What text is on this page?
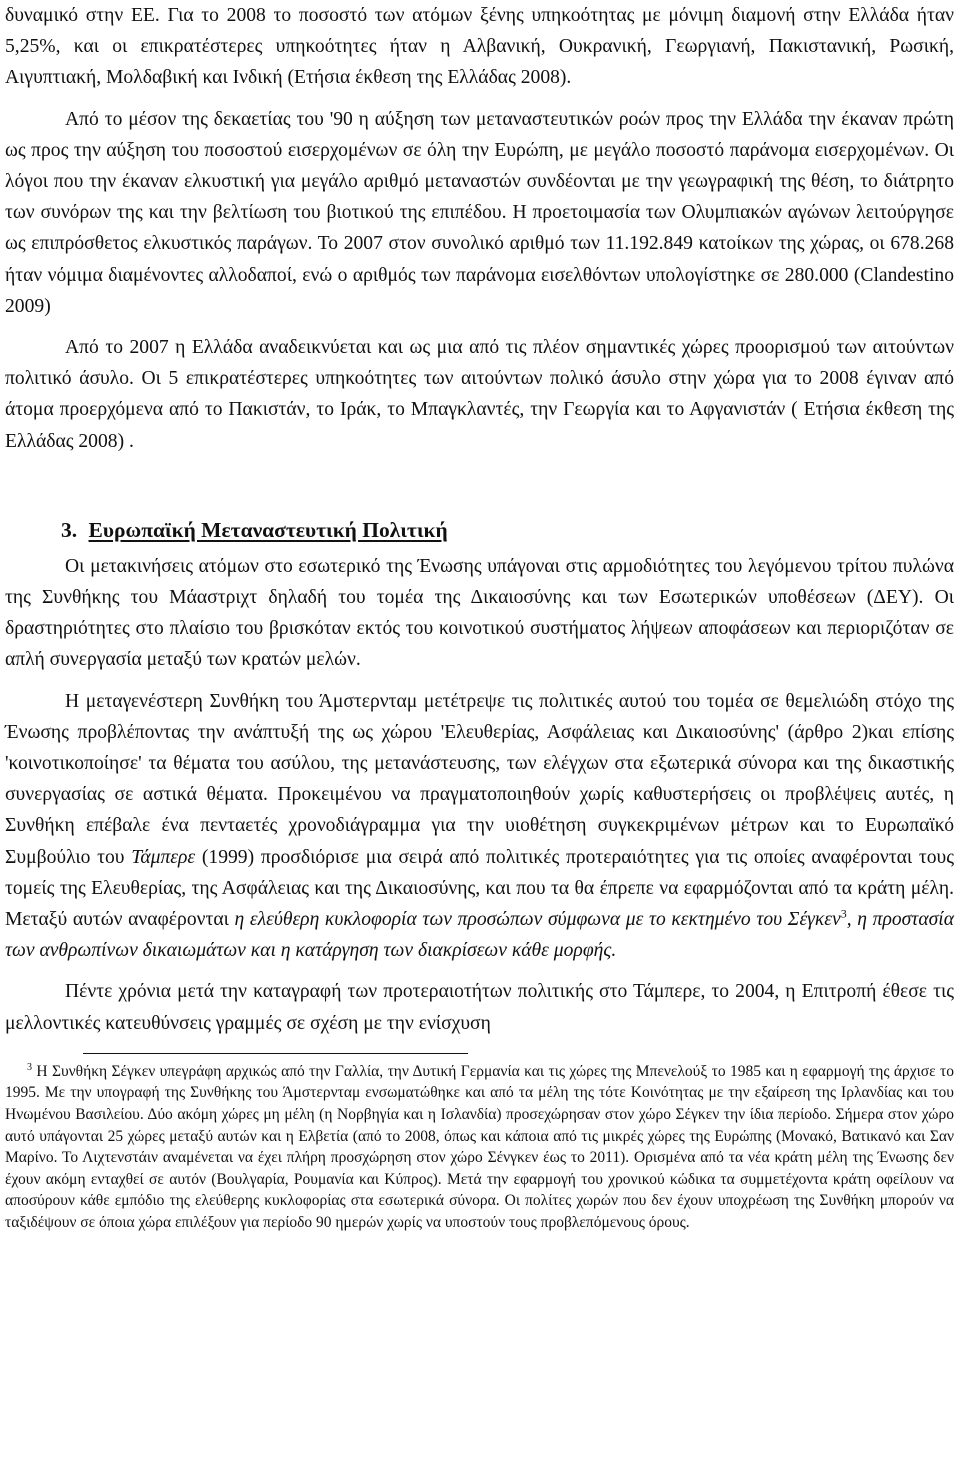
δυναμικό στην ΕΕ. Για το 2008 το ποσοστό των ατόμων ξένης υπηκοότητας με μόνιμη διαμονή στην Ελλάδα ήταν 5,25%, και οι επικρατέστερες υπηκοότητες ήταν η Αλβανική, Ουκρανική, Γεωργιανή, Πακιστανική, Ρωσική, Αιγυπτιακή, Μολδαβική και Ινδική (Ετήσια έκθεση της Ελλάδας 2008).

Από το μέσον της δεκαετίας του '90 η αύξηση των μεταναστευτικών ροών προς την Ελλάδα την έκαναν πρώτη ως προς την αύξηση του ποσοστού εισερχομένων σε όλη την Ευρώπη, με μεγάλο ποσοστό παράνομα εισερχομένων. Οι λόγοι που την έκαναν ελκυστική για μεγάλο αριθμό μεταναστών συνδέονται με την γεωγραφική της θέση, το διάτρητο των συνόρων της και την βελτίωση του βιοτικού της επιπέδου. Η προετοιμασία των Ολυμπιακών αγώνων λειτούργησε ως επιπρόσθετος ελκυστικός παράγων. Το 2007 στον συνολικό αριθμό των 11.192.849 κατοίκων της χώρας, οι 678.268 ήταν νόμιμα διαμένοντες αλλοδαποί, ενώ ο αριθμός των παράνομα εισελθόντων υπολογίστηκε σε 280.000 (Clandestino 2009)

Από το 2007 η Ελλάδα αναδεικνύεται και ως μια από τις πλέον σημαντικές χώρες προορισμού των αιτούντων πολιτικό άσυλο. Οι 5 επικρατέστερες υπηκοότητες των αιτούντων πολικό άσυλο στην χώρα για το 2008 έγιναν από άτομα προερχόμενα από το Πακιστάν, το Ιράκ, το Μπαγκλαντές, την Γεωργία και το Αφγανιστάν ( Ετήσια έκθεση της Ελλάδας 2008) .

3. Ευρωπαϊκή Μεταναστευτική Πολιτική

Οι μετακινήσεις ατόμων στο εσωτερικό της Ένωσης υπάγοναι στις αρμοδιότητες του λεγόμενου τρίτου πυλώνα της Συνθήκης του Μάαστριχτ δηλαδή του τομέα της Δικαιοσύνης και των Εσωτερικών υποθέσεων (ΔΕΥ). Οι δραστηριότητες στο πλαίσιο του βρισκόταν εκτός του κοινοτικού συστήματος λήψεων αποφάσεων και περιοριζόταν σε απλή συνεργασία μεταξύ των κρατών μελών.

Η μεταγενέστερη Συνθήκη του Άμστερνταμ μετέτρεψε τις πολιτικές αυτού του τομέα σε θεμελιώδη στόχο της Ένωσης προβλέποντας την ανάπτυξή της ως χώρου 'Ελευθερίας, Ασφάλειας και Δικαιοσύνης' (άρθρο 2)και επίσης 'κοινοτικοποίησε' τα θέματα του ασύλου, της μετανάστευσης, των ελέγχων στα εξωτερικά σύνορα και της δικαστικής συνεργασίας σε αστικά θέματα. Προκειμένου να πραγματοποιηθούν χωρίς καθυστερήσεις οι προβλέψεις αυτές, η Συνθήκη επέβαλε ένα πενταετές χρονοδιάγραμμα για την υιοθέτηση συγκεκριμένων μέτρων και το Ευρωπαϊκό Συμβούλιο του Τάμπερε (1999) προσδιόρισε μια σειρά από πολιτικές προτεραιότητες για τις οποίες αναφέρονται τους τομείς της Ελευθερίας, της Ασφάλειας και της Δικαιοσύνης, και που τα θα έπρεπε να εφαρμόζονται από τα κράτη μέλη. Μεταξύ αυτών αναφέρονται η ελεύθερη κυκλοφορία των προσώπων σύμφωνα με το κεκτημένο του Σέγκεν$^3$, η προστασία των ανθρωπίνων δικαιωμάτων και η κατάργηση των διακρίσεων κάθε μορφής.

Πέντε χρόνια μετά την καταγραφή των προτεραιοτήτων πολιτικής στο Τάμπερε, το 2004, η Επιτροπή έθεσε τις μελλοντικές κατευθύνσεις γραμμές σε σχέση με την ενίσχυση

$^3$ Η Συνθήκη Σέγκεν υπεγράφη αρχικώς από την Γαλλία, την Δυτική Γερμανία και τις χώρες της Μπενελούξ το 1985 και η εφαρμογή της άρχισε το 1995. Με την υπογραφή της Συνθήκης του Άμστερνταμ ενσωματώθηκε και από τα μέλη της τότε Κοινότητας με την εξαίρεση της Ιρλανδίας και του Ηνωμένου Βασιλείου. Δύο ακόμη χώρες μη μέλη (η Νορβηγία και η Ισλανδία) προσεχώρησαν στον χώρο Σέγκεν την ίδια περίοδο. Σήμερα στον χώρο αυτό υπάγονται 25 χώρες μεταξύ αυτών και η Ελβετία (από το 2008, όπως και κάποια από τις μικρές χώρες της Ευρώπης (Μονακό, Βατικανό και Σαν Μαρίνο. Το Λιχτενστάιν αναμένεται να έχει πλήρη προσχώρηση στον χώρο Σένγκεν έως το 2011). Ορισμένα από τα νέα κράτη μέλη της Ένωσης δεν έχουν ακόμη ενταχθεί σε αυτόν (Βουλγαρία, Ρουμανία και Κύπρος). Μετά την εφαρμογή του χρονικού κώδικα τα συμμετέχοντα κράτη οφείλουν να αποσύρουν κάθε εμπόδιο της ελεύθερης κυκλοφορίας στα εσωτερικά σύνορα. Οι πολίτες χωρών που δεν έχουν υποχρέωση της Συνθήκη μπορούν να ταξιδέψουν σε όποια χώρα επιλέξουν για περίοδο 90 ημερών χωρίς να υποστούν τους προβλεπόμενους όρους.
